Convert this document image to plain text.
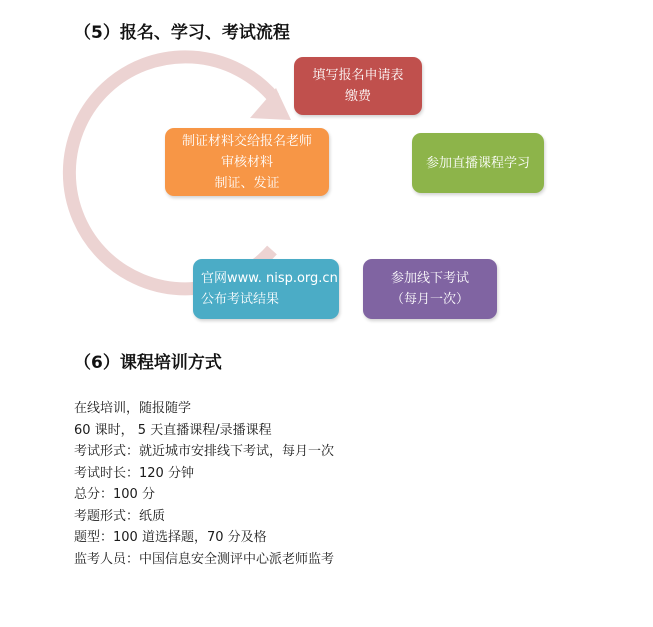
（5）报名、学习、考试流程
填写报名申请表
缴费
参加直播课程学习
参加线下考试
（每月一次）
官网www. nisp.org.cn
公布考试结果
制证材料交给报名老师
审核材料
制证、发证
（6）课程培训方式
在线培训，随报随学
60 课时， 5 天直播课程/录播课程
考试形式：就近城市安排线下考试，每月一次
考试时长：120 分钟
总分：100 分
考题形式：纸质
题型：100 道选择题，70 分及格
监考人员：中国信息安全测评中心派老师监考
